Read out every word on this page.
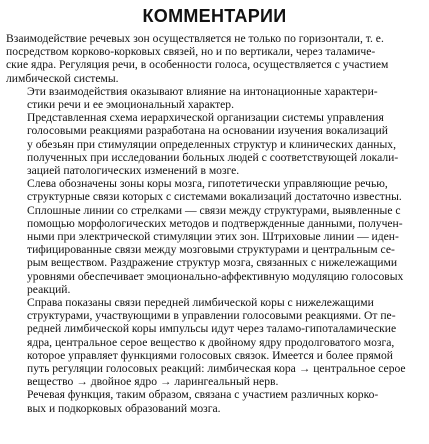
КОММЕНТАРИИ
Взаимодействие речевых зон осуществляется не только по горизонтали, т. е.
посредством корково-корковых связей, но и по вертикали, через таламиче-
ские ядра. Регуляция речи, в особенности голоса, осуществляется с участием
лимбической системы.
Эти взаимодействия оказывают влияние на интонационные характери-
стики речи и ее эмоциональный характер.
Представленная схема иерархической организации системы управления
голосовыми реакциями разработана на основании изучения вокализаций
у обезьян при стимуляции определенных структур и клинических данных,
полученных при исследовании больных людей с соответствующей локали-
зацией патологических изменений в мозге.
Слева обозначены зоны коры мозга, гипотетически управляющие речью,
структурные связи которых с системами вокализаций достаточно известны.
Сплошные линии со стрелками — связи между структурами, выявленные с
помощью морфологических методов и подтвержденные данными, получен-
ными при электрической стимуляции этих зон. Штриховые линии — иден-
тифицированные связи между мозговыми структурами и центральным се-
рым веществом. Раздражение структур мозга, связанных с нижележащими
уровнями обеспечивает эмоционально-аффективную модуляцию голосовых
реакций.
Справа показаны связи передней лимбической коры с нижележащими
структурами, участвующими в управлении голосовыми реакциями. От пе-
редней лимбической коры импульсы идут через таламо-гипоталамические
ядра, центральное серое вещество к двойному ядру продолговатого мозга,
которое управляет функциями голосовых связок. Имеется и более прямой
путь регуляции голосовых реакций: лимбическая кора → центральное серое
вещество → двойное ядро → ларингеальный нерв.
Речевая функция, таким образом, связана с участием различных корко-
вых и подкорковых образований мозга.
